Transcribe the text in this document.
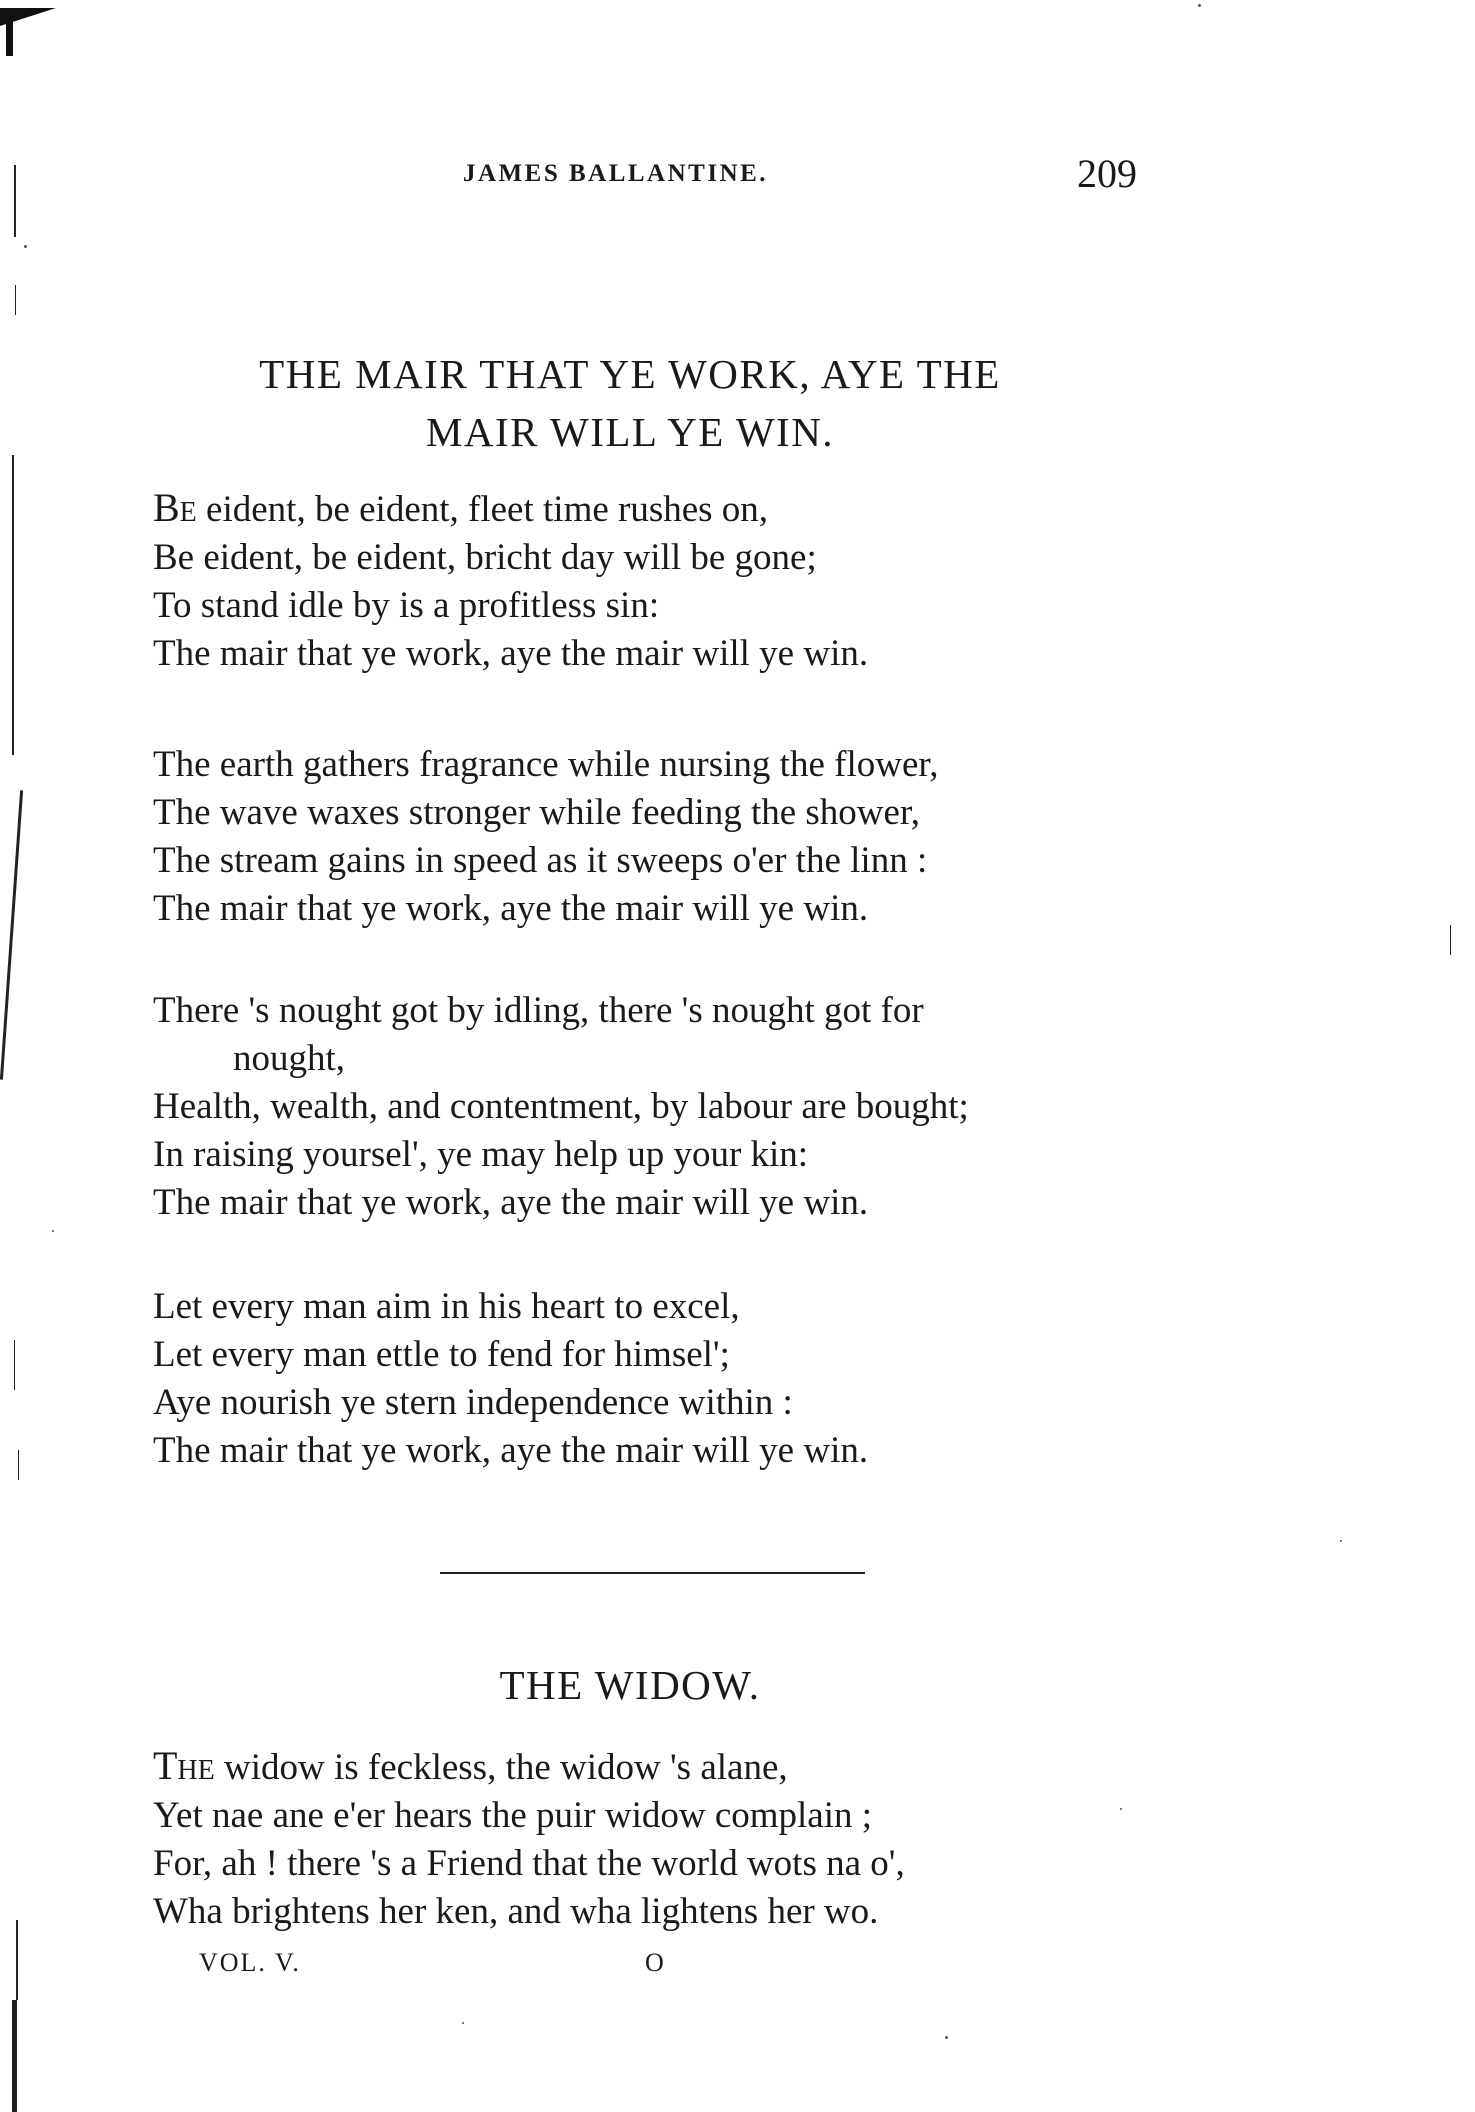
JAMES BALLANTINE.	209
THE MAIR THAT YE WORK, AYE THE
MAIR WILL YE WIN.
Be eident, be eident, fleet time rushes on,
Be eident, be eident, bricht day will be gone;
To stand idle by is a profitless sin:
The mair that ye work, aye the mair will ye win.
The earth gathers fragrance while nursing the flower,
The wave waxes stronger while feeding the shower,
The stream gains in speed as it sweeps o'er the linn :
The mair that ye work, aye the mair will ye win.
There 's nought got by idling, there 's nought got for
nought,
Health, wealth, and contentment, by labour are bought;
In raising yoursel', ye may help up your kin:
The mair that ye work, aye the mair will ye win.
Let every man aim in his heart to excel,
Let every man ettle to fend for himsel';
Aye nourish ye stern independence within :
The mair that ye work, aye the mair will ye win.
THE WIDOW.
The widow is feckless, the widow 's alane,
Yet nae ane e'er hears the puir widow complain ;
For, ah ! there 's a Friend that the world wots na o',
Wha brightens her ken, and wha lightens her wo.
VOL. V.	O
